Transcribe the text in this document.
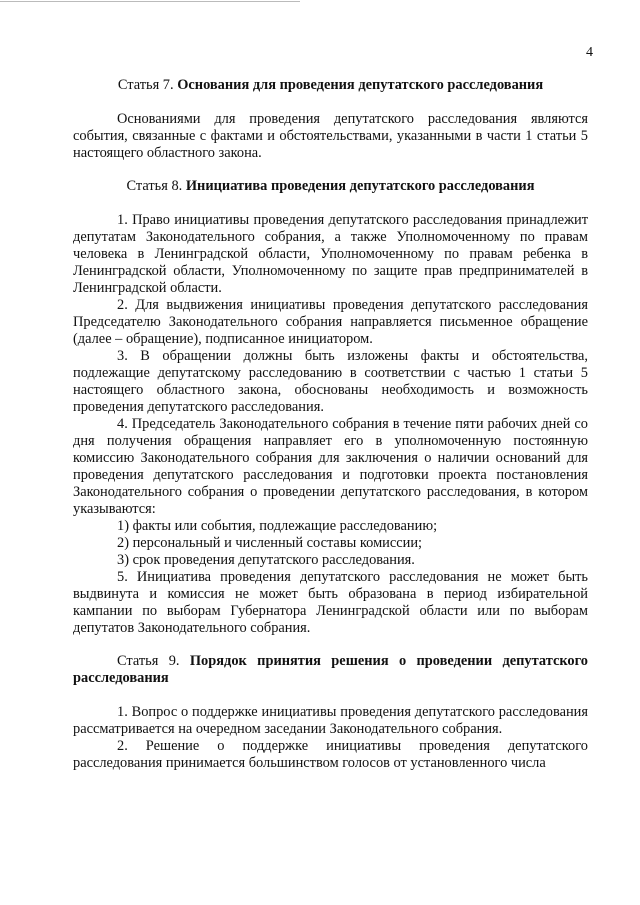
4

Статья 7. Основания для проведения депутатского расследования

Основаниями для проведения депутатского расследования являются события, связанные с фактами и обстоятельствами, указанными в части 1 статьи 5 настоящего областного закона.

Статья 8. Инициатива проведения депутатского расследования

1. Право инициативы проведения депутатского расследования принадлежит депутатам Законодательного собрания, а также Уполномоченному по правам человека в Ленинградской области, Уполномоченному по правам ребенка в Ленинградской области, Уполномоченному по защите прав предпринимателей в Ленинградской области.

2. Для выдвижения инициативы проведения депутатского расследования Председателю Законодательного собрания направляется письменное обращение (далее – обращение), подписанное инициатором.

3. В обращении должны быть изложены факты и обстоятельства, подлежащие депутатскому расследованию в соответствии с частью 1 статьи 5 настоящего областного закона, обоснованы необходимость и возможность проведения депутатского расследования.

4. Председатель Законодательного собрания в течение пяти рабочих дней со дня получения обращения направляет его в уполномоченную постоянную комиссию Законодательного собрания для заключения о наличии оснований для проведения депутатского расследования и подготовки проекта постановления Законодательного собрания о проведении депутатского расследования, в котором указываются:

1) факты или события, подлежащие расследованию;

2) персональный и численный составы комиссии;

3) срок проведения депутатского расследования.

5. Инициатива проведения депутатского расследования не может быть выдвинута и комиссия не может быть образована в период избирательной кампании по выборам Губернатора Ленинградской области или по выборам депутатов Законодательного собрания.

Статья 9. Порядок принятия решения о проведении депутатского расследования

1. Вопрос о поддержке инициативы проведения депутатского расследования рассматривается на очередном заседании Законодательного собрания.

2. Решение о поддержке инициативы проведения депутатского расследования принимается большинством голосов от установленного числа
